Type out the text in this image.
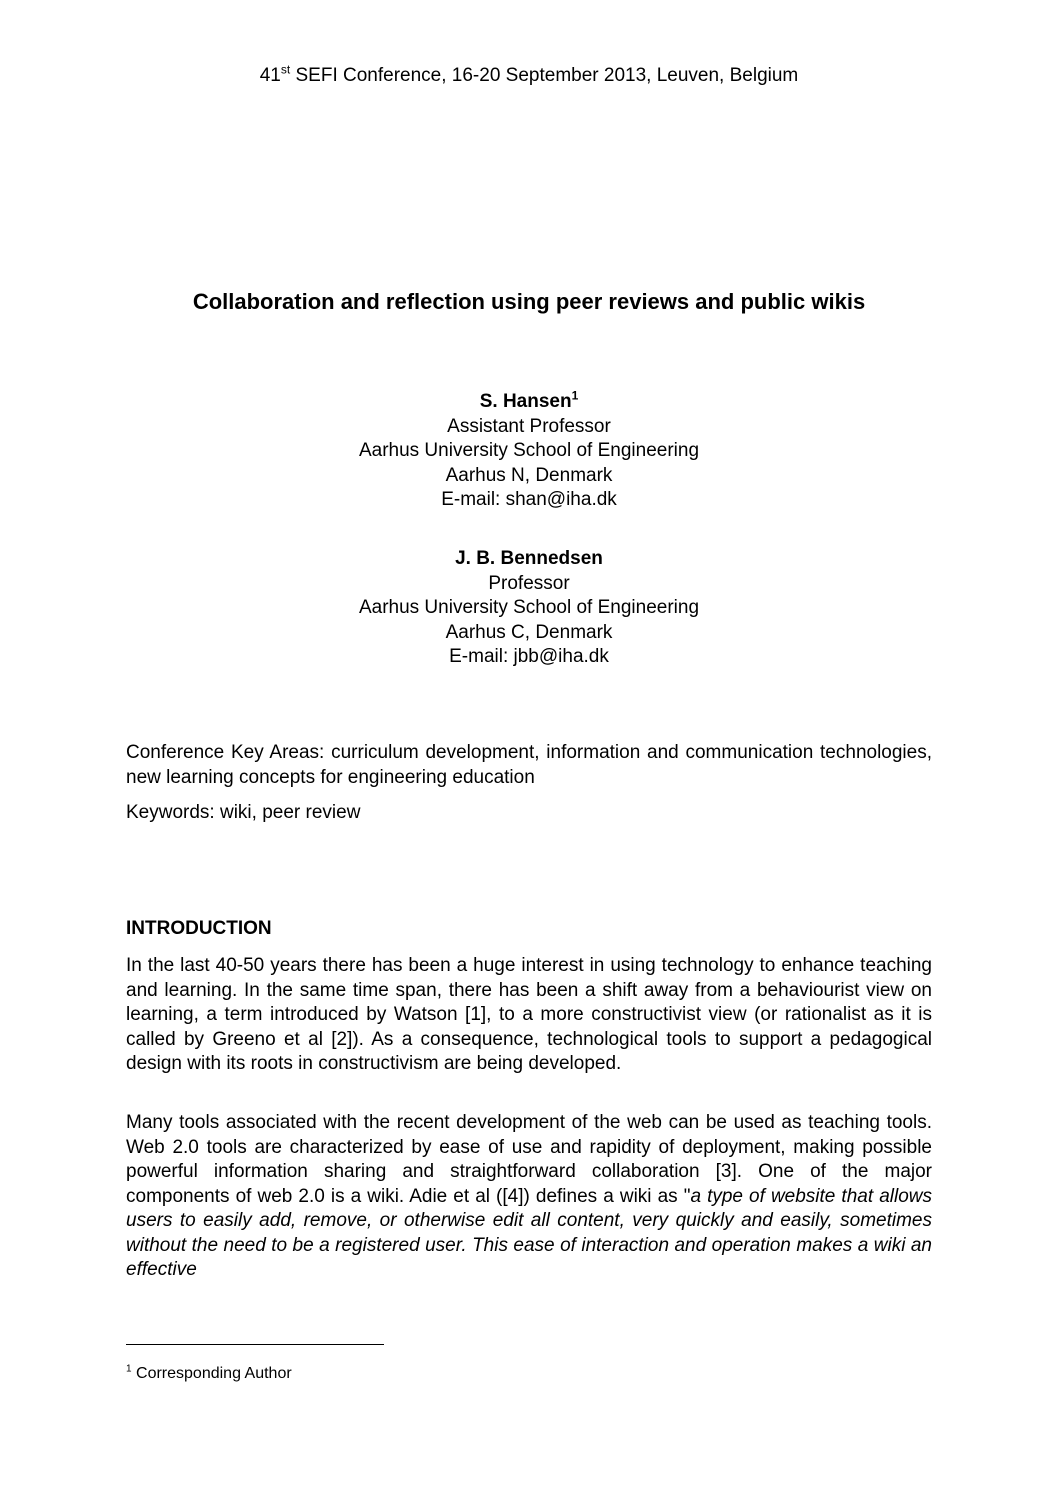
41st SEFI Conference, 16-20 September 2013, Leuven, Belgium
Collaboration and reflection using peer reviews and public wikis
S. Hansen$^1$
Assistant Professor
Aarhus University School of Engineering
Aarhus N, Denmark
E-mail: shan@iha.dk
J. B. Bennedsen
Professor
Aarhus University School of Engineering
Aarhus C, Denmark
E-mail: jbb@iha.dk
Conference Key Areas: curriculum development, information and communication technologies, new learning concepts for engineering education
Keywords: wiki, peer review
INTRODUCTION
In the last 40-50 years there has been a huge interest in using technology to enhance teaching and learning. In the same time span, there has been a shift away from a behaviourist view on learning, a term introduced by Watson [1], to a more constructivist view (or rationalist as it is called by Greeno et al [2]). As a consequence, technological tools to support a pedagogical design with its roots in constructivism are being developed.
Many tools associated with the recent development of the web can be used as teaching tools. Web 2.0 tools are characterized by ease of use and rapidity of deployment, making possible powerful information sharing and straightforward collaboration [3]. One of the major components of web 2.0 is a wiki. Adie et al ([4]) defines a wiki as "a type of website that allows users to easily add, remove, or otherwise edit all content, very quickly and easily, sometimes without the need to be a registered user. This ease of interaction and operation makes a wiki an effective
$^1$ Corresponding Author
